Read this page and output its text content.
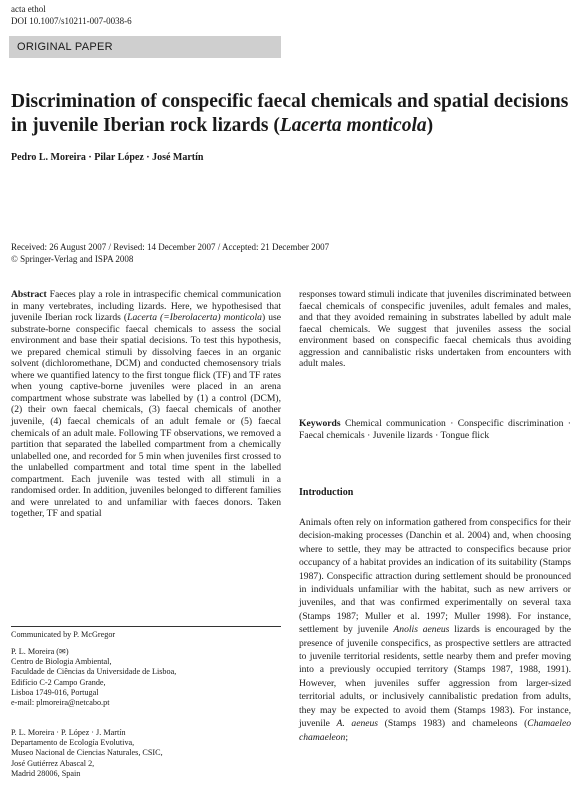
acta ethol
DOI 10.1007/s10211-007-0038-6
ORIGINAL PAPER
Discrimination of conspecific faecal chemicals and spatial decisions in juvenile Iberian rock lizards (Lacerta monticola)
Pedro L. Moreira · Pilar López · José Martín
Received: 26 August 2007 / Revised: 14 December 2007 / Accepted: 21 December 2007
© Springer-Verlag and ISPA 2008

Abstract Faeces play a role in intraspecific chemical communication in many vertebrates, including lizards. Here, we hypothesised that juvenile Iberian rock lizards (Lacerta (=Iberolacerta) monticola) use substrate-borne conspecific faecal chemicals to assess the social environment and base their spatial decisions. To test this hypothesis, we prepared chemical stimuli by dissolving faeces in an organic solvent (dichloromethane, DCM) and conducted chemosensory trials where we quantified latency to the first tongue flick (TF) and TF rates when young captive-borne juveniles were placed in an arena compartment whose substrate was labelled by (1) a control (DCM), (2) their own faecal chemicals, (3) faecal chemicals of another juvenile, (4) faecal chemicals of an adult female or (5) faecal chemicals of an adult male. Following TF observations, we removed a partition that separated the labelled compartment from a chemically unlabelled one, and recorded for 5 min when juveniles first crossed to the unlabelled compartment and total time spent in the labelled compartment. Each juvenile was tested with all stimuli in a randomised order. In addition, juveniles belonged to different families and were unrelated to and unfamiliar with faeces donors. Taken together, TF and spatial

Communicated by P. McGregor
P. L. Moreira (✉)
Centro de Biologia Ambiental,
Faculdade de Ciências da Universidade de Lisboa,
Edifício C-2 Campo Grande,
Lisboa 1749-016, Portugal
e-mail: plmoreira@netcabo.pt
P. L. Moreira · P. López · J. Martín
Departamento de Ecología Evolutiva,
Museo Nacional de Ciencias Naturales, CSIC,
José Gutiérrez Abascal 2,
Madrid 28006, Spain

responses toward stimuli indicate that juveniles discriminated between faecal chemicals of conspecific juveniles, adult females and males, and that they avoided remaining in substrates labelled by adult male faecal chemicals. We suggest that juveniles assess the social environment based on conspecific faecal chemicals thus avoiding aggression and cannibalistic risks undertaken from encounters with adult males.

Keywords Chemical communication · Conspecific discrimination · Faecal chemicals · Juvenile lizards · Tongue flick

Introduction

Animals often rely on information gathered from conspecifics for their decision-making processes (Danchin et al. 2004) and, when choosing where to settle, they may be attracted to conspecifics because prior occupancy of a habitat provides an indication of its suitability (Stamps 1987). Conspecific attraction during settlement should be pronounced in individuals unfamiliar with the habitat, such as new arrivers or juveniles, and that was confirmed experimentally on several taxa (Stamps 1987; Muller et al. 1997; Muller 1998). For instance, settlement by juvenile Anolis aeneus lizards is encouraged by the presence of juvenile conspecifics, as prospective settlers are attracted to juvenile territorial residents, settle nearby them and prefer moving into a previously occupied territory (Stamps 1987, 1988, 1991). However, when juveniles suffer aggression from larger-sized territorial adults, or inclusively cannibalistic predation from adults, they may be expected to avoid them (Stamps 1983). For instance, juvenile A. aeneus (Stamps 1983) and chameleons (Chamaeleo chamaeleon;
